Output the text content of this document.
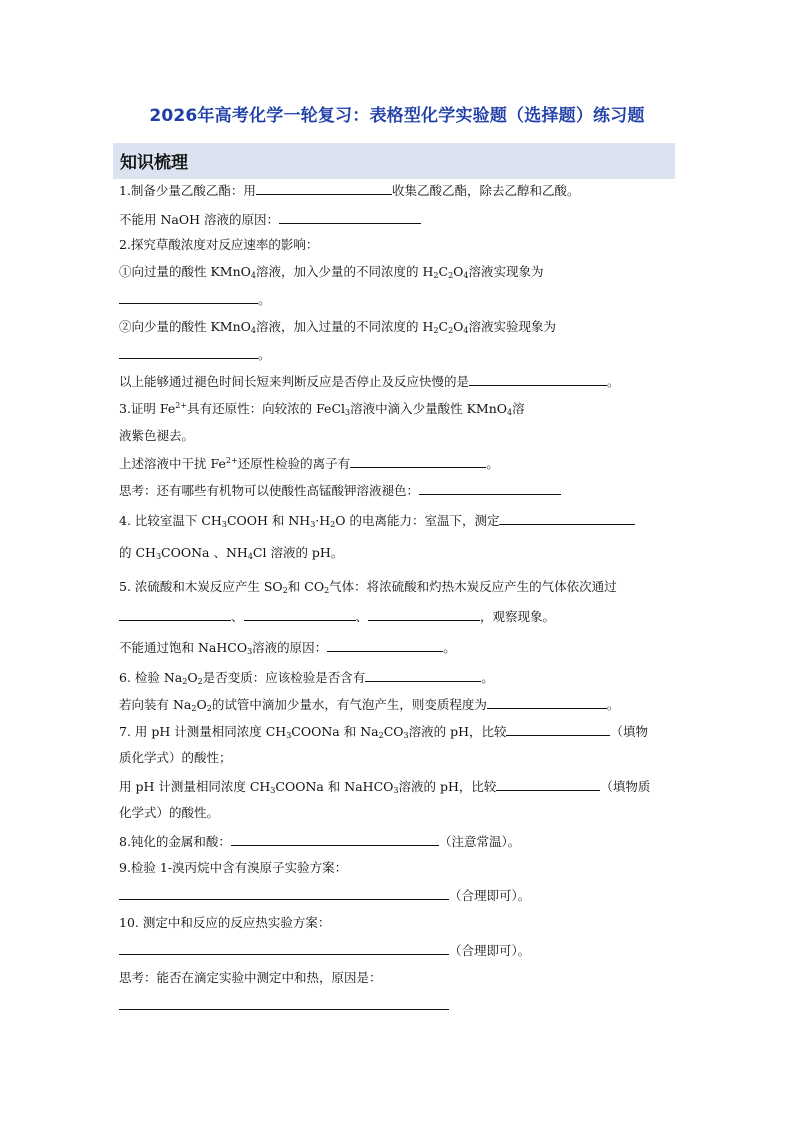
2026年高考化学一轮复习：表格型化学实验题（选择题）练习题
知识梳理
1.制备少量乙酸乙酯：用	收集乙酸乙酯，除去乙醇和乙酸。
不能用 NaOH 溶液的原因：
2.探究草酸浓度对反应速率的影响：
①向过量的酸性 KMnO$_4$溶液，加入少量的不同浓度的 $H_2C_2O_4$溶液实现象为
。
②向少量的酸性 KMnO$_4$溶液，加入过量的不同浓度的 $H_2C_2O_4$溶液实验现象为
。
以上能够通过褪色时间长短来判断反应是否停止及反应快慢的是	。
3.证明 $Fe^{2+}$具有还原性：向较浓的 FeCl$_3$溶液中滴入少量酸性 KMnO$_4$溶
液紫色褪去。
上述溶液中干扰 $Fe^{2+}$还原性检验的离子有	。
思考：还有哪些有机物可以使酸性高锰酸钾溶液褪色：
4. 比较室温下 $CH_3COOH$ 和 $NH_3\cdot H_2O$ 的电离能力：室温下，测定
的 $CH_3COONa$ 、$NH_4Cl$ 溶液的 pH。
5. 浓硫酸和木炭反应产生 $SO_2$和 $CO_2$气体：将浓硫酸和灼热木炭反应产生的气体依次通过
、	、	，观察现象。
不能通过饱和 NaHCO$_3$溶液的原因：	。
6. 检验 $Na_2O_2$是否变质：应该检验是否含有	。
若向装有 $Na_2O_2$的试管中滴加少量水，有气泡产生，则变质程度为	。
7. 用 pH 计测量相同浓度 $CH_3COONa$ 和 $Na_2CO_3$溶液的 pH，比较	（填物
质化学式）的酸性；
用 pH 计测量相同浓度 $CH_3COONa$ 和 NaHCO$_3$溶液的 pH，比较	（填物质
化学式）的酸性。
8.钝化的金属和酸：	（注意常温）。
9.检验 1-溴丙烷中含有溴原子实验方案：
（合理即可）。
10. 测定中和反应的反应热实验方案：
（合理即可）。
思考：能否在滴定实验中测定中和热，原因是：
